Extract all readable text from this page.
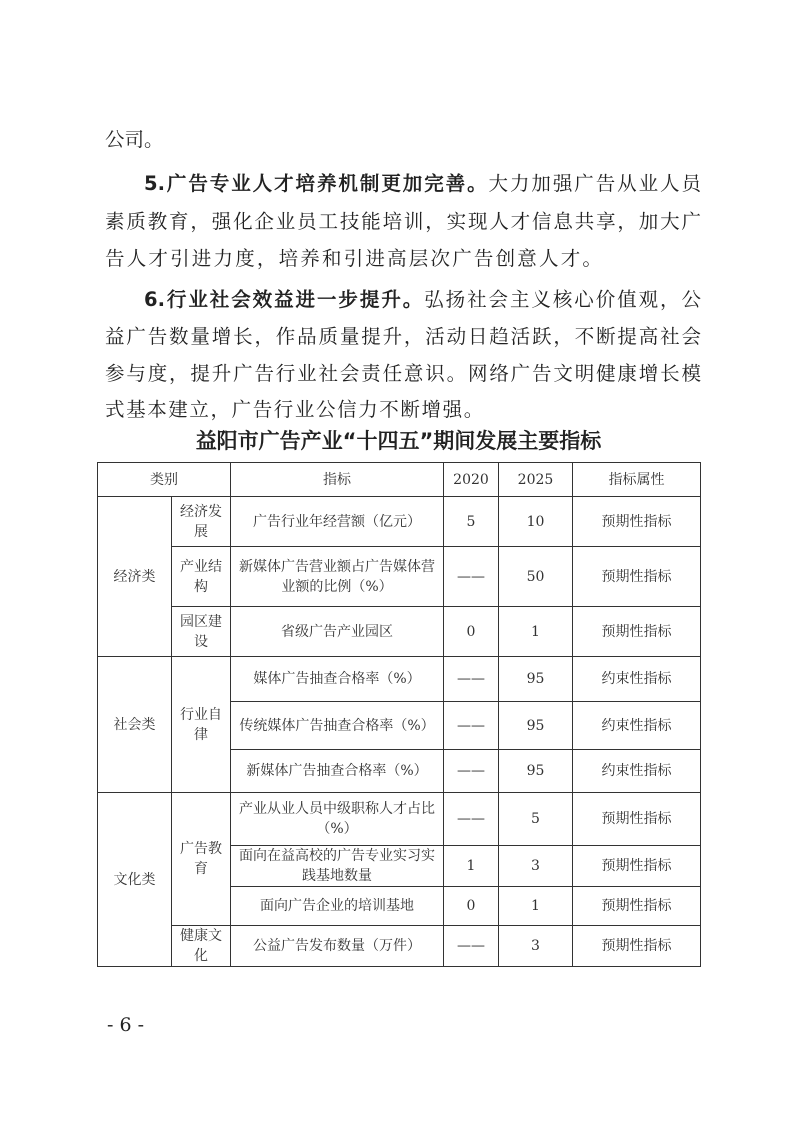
公司。
5.广告专业人才培养机制更加完善。大力加强广告从业人员
素质教育，强化企业员工技能培训，实现人才信息共享，加大广
告人才引进力度，培养和引进高层次广告创意人才。
6.行业社会效益进一步提升。弘扬社会主义核心价值观，公
益广告数量增长，作品质量提升，活动日趋活跃，不断提高社会
参与度，提升广告行业社会责任意识。网络广告文明健康增长模
式基本建立，广告行业公信力不断增强。
益阳市广告产业“十四五”期间发展主要指标
类别		指标	2020	2025	指标属性
经济类	经济发展	广告行业年经营额（亿元）	5	10	预期性指标
	产业结构	新媒体广告营业额占广告媒体营业额的比例（%）	——	50	预期性指标
	园区建设	省级广告产业园区	0	1	预期性指标
社会类	行业自律	媒体广告抽查合格率（%）	——	95	约束性指标
		传统媒体广告抽查合格率（%）	——	95	约束性指标
		新媒体广告抽查合格率（%）	——	95	约束性指标
文化类	广告教育	产业从业人员中级职称人才占比（%）	——	5	预期性指标
		面向在益高校的广告专业实习实践基地数量	1	3	预期性指标
		面向广告企业的培训基地	0	1	预期性指标
	健康文化	公益广告发布数量（万件）	——	3	预期性指标
- 6 -
